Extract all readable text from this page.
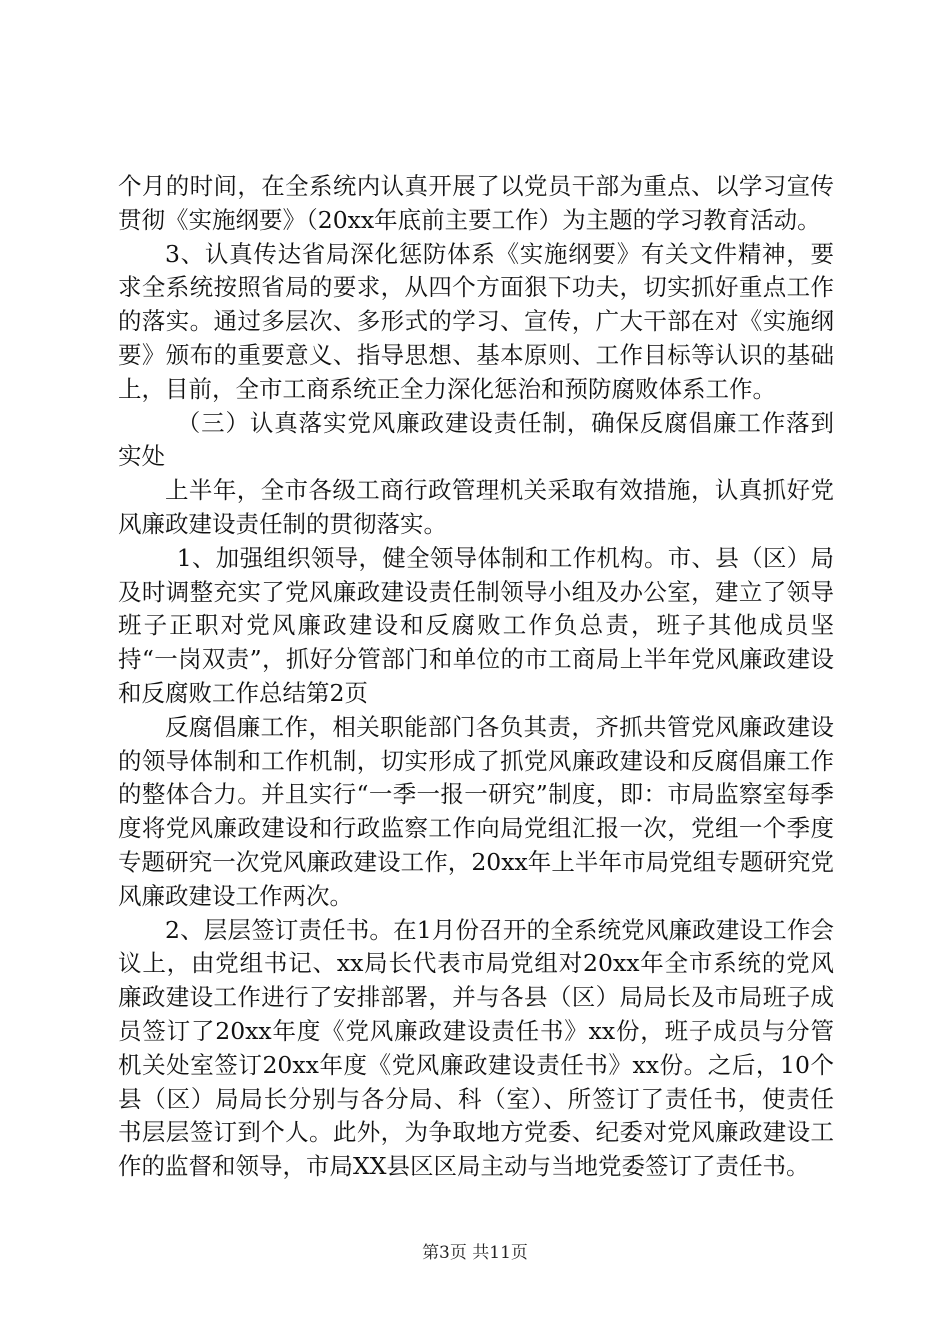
个月的时间，在全系统内认真开展了以党员干部为重点、以学习宣传贯彻《实施纲要》（20xx年底前主要工作）为主题的学习教育活动。

3、认真传达省局深化惩防体系《实施纲要》有关文件精神，要求全系统按照省局的要求，从四个方面狠下功夫，切实抓好重点工作的落实。通过多层次、多形式的学习、宣传，广大干部在对《实施纲要》颁布的重要意义、指导思想、基本原则、工作目标等认识的基础上，目前，全市工商系统正全力深化惩治和预防腐败体系工作。

（三）认真落实党风廉政建设责任制，确保反腐倡廉工作落到实处

上半年，全市各级工商行政管理机关采取有效措施，认真抓好党风廉政建设责任制的贯彻落实。

1、加强组织领导，健全领导体制和工作机构。市、县（区）局及时调整充实了党风廉政建设责任制领导小组及办公室，建立了领导班子正职对党风廉政建设和反腐败工作负总责，班子其他成员坚持“一岗双责”，抓好分管部门和单位的市工商局上半年党风廉政建设和反腐败工作总结第2页

反腐倡廉工作，相关职能部门各负其责，齐抓共管党风廉政建设的领导体制和工作机制，切实形成了抓党风廉政建设和反腐倡廉工作的整体合力。并且实行“一季一报一研究”制度，即：市局监察室每季度将党风廉政建设和行政监察工作向局党组汇报一次，党组一个季度专题研究一次党风廉政建设工作，20xx年上半年市局党组专题研究党风廉政建设工作两次。

2、层层签订责任书。在1月份召开的全系统党风廉政建设工作会议上，由党组书记、xx局长代表市局党组对20xx年全市系统的党风廉政建设工作进行了安排部署，并与各县（区）局局长及市局班子成员签订了20xx年度《党风廉政建设责任书》xx份，班子成员与分管机关处室签订20xx年度《党风廉政建设责任书》xx份。之后，10个县（区）局局长分别与各分局、科（室）、所签订了责任书，使责任书层层签订到个人。此外，为争取地方党委、纪委对党风廉政建设工作的监督和领导，市局XX县区区局主动与当地党委签订了责任书。

第3页 共11页
